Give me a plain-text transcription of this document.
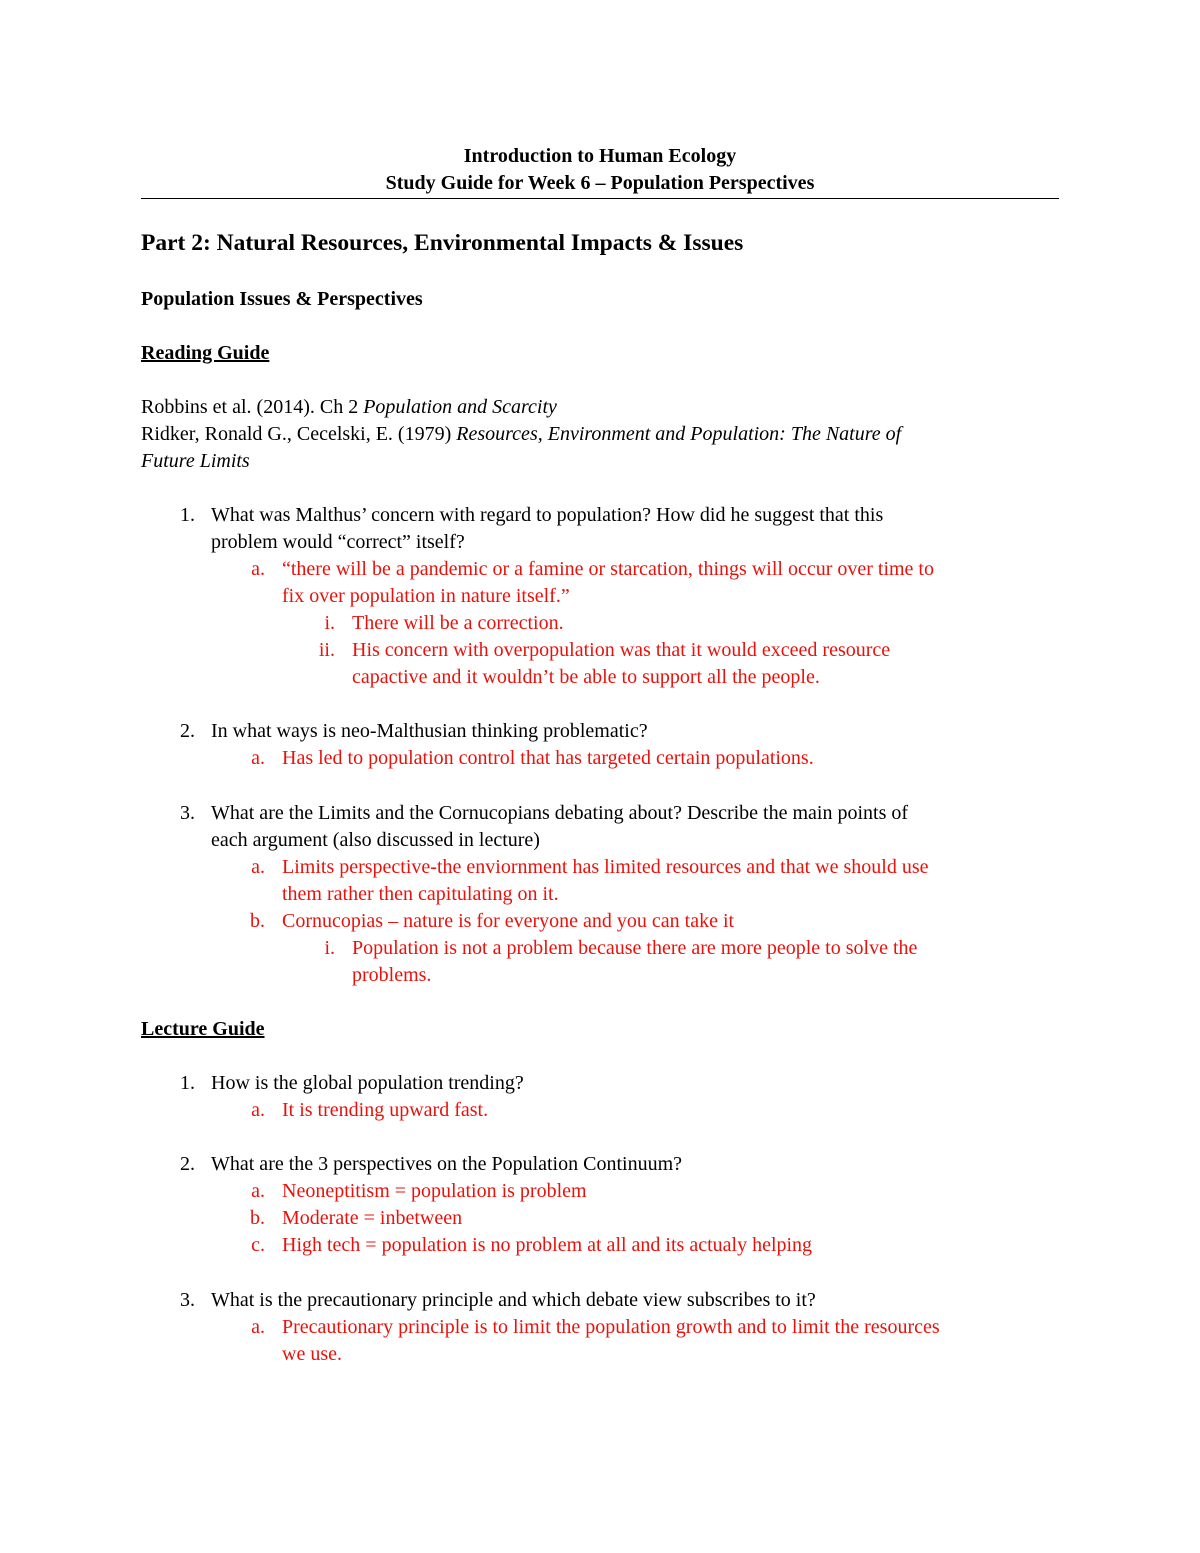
Introduction to Human Ecology
Study Guide for Week 6 – Population Perspectives
Part 2: Natural Resources, Environmental Impacts & Issues
Population Issues & Perspectives
Reading Guide
Robbins et al. (2014). Ch 2 Population and Scarcity
Ridker, Ronald G., Cecelski, E. (1979) Resources, Environment and Population: The Nature of
Future Limits
1. What was Malthus’ concern with regard to population? How did he suggest that this
problem would “correct” itself?
a. “there will be a pandemic or a famine or starcation, things will occur over time to
fix over population in nature itself.”
i. There will be a correction.
ii. His concern with overpopulation was that it would exceed resource
capactive and it wouldn’t be able to support all the people.
2. In what ways is neo-Malthusian thinking problematic?
a. Has led to population control that has targeted certain populations.
3. What are the Limits and the Cornucopians debating about? Describe the main points of
each argument (also discussed in lecture)
a. Limits perspective-the enviornment has limited resources and that we should use
them rather then capitulating on it.
b. Cornucopias – nature is for everyone and you can take it
i. Population is not a problem because there are more people to solve the
problems.
Lecture Guide
1. How is the global population trending?
a. It is trending upward fast.
2. What are the 3 perspectives on the Population Continuum?
a. Neoneptitism = population is problem
b. Moderate = inbetween
c. High tech = population is no problem at all and its actualy helping
3. What is the precautionary principle and which debate view subscribes to it?
a. Precautionary principle is to limit the population growth and to limit the resources
we use.
